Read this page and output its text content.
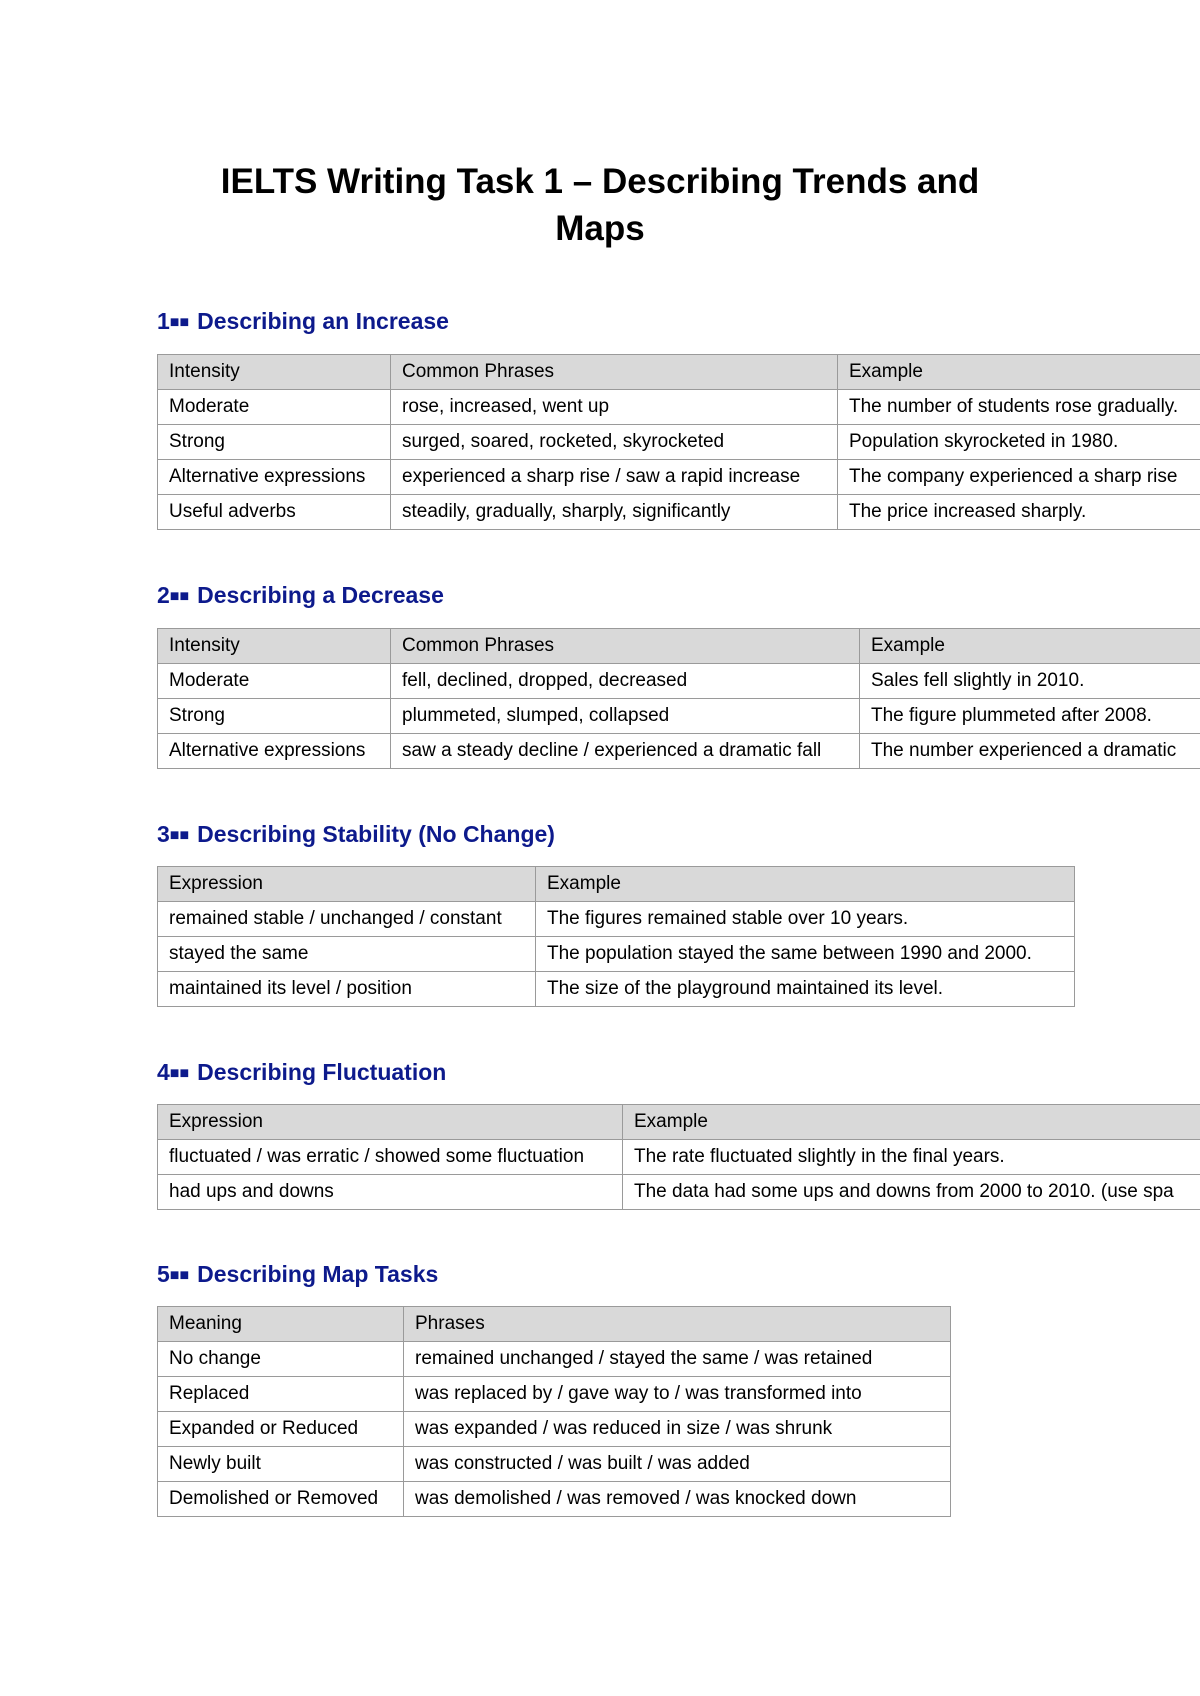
IELTS Writing Task 1 – Describing Trends and
Maps
1■■ Describing an Increase
Intensity	Common Phrases	Example
Moderate	rose, increased, went up	The number of students rose gradually.
Strong	surged, soared, rocketed, skyrocketed	Population skyrocketed in 1980.
Alternative expressions	experienced a sharp rise / saw a rapid increase	The company experienced a sharp rise
Useful adverbs	steadily, gradually, sharply, significantly	The price increased sharply.
2■■ Describing a Decrease
Intensity	Common Phrases	Example
Moderate	fell, declined, dropped, decreased	Sales fell slightly in 2010.
Strong	plummeted, slumped, collapsed	The figure plummeted after 2008.
Alternative expressions	saw a steady decline / experienced a dramatic fall	The number experienced a dramatic
3■■ Describing Stability (No Change)
Expression	Example
remained stable / unchanged / constant	The figures remained stable over 10 years.
stayed the same	The population stayed the same between 1990 and 2000.
maintained its level / position	The size of the playground maintained its level.
4■■ Describing Fluctuation
Expression	Example
fluctuated / was erratic / showed some fluctuation	The rate fluctuated slightly in the final years.
had ups and downs	The data had some ups and downs from 2000 to 2010. (use spa
5■■ Describing Map Tasks
Meaning	Phrases
No change	remained unchanged / stayed the same / was retained
Replaced	was replaced by / gave way to / was transformed into
Expanded or Reduced	was expanded / was reduced in size / was shrunk
Newly built	was constructed / was built / was added
Demolished or Removed	was demolished / was removed / was knocked down
